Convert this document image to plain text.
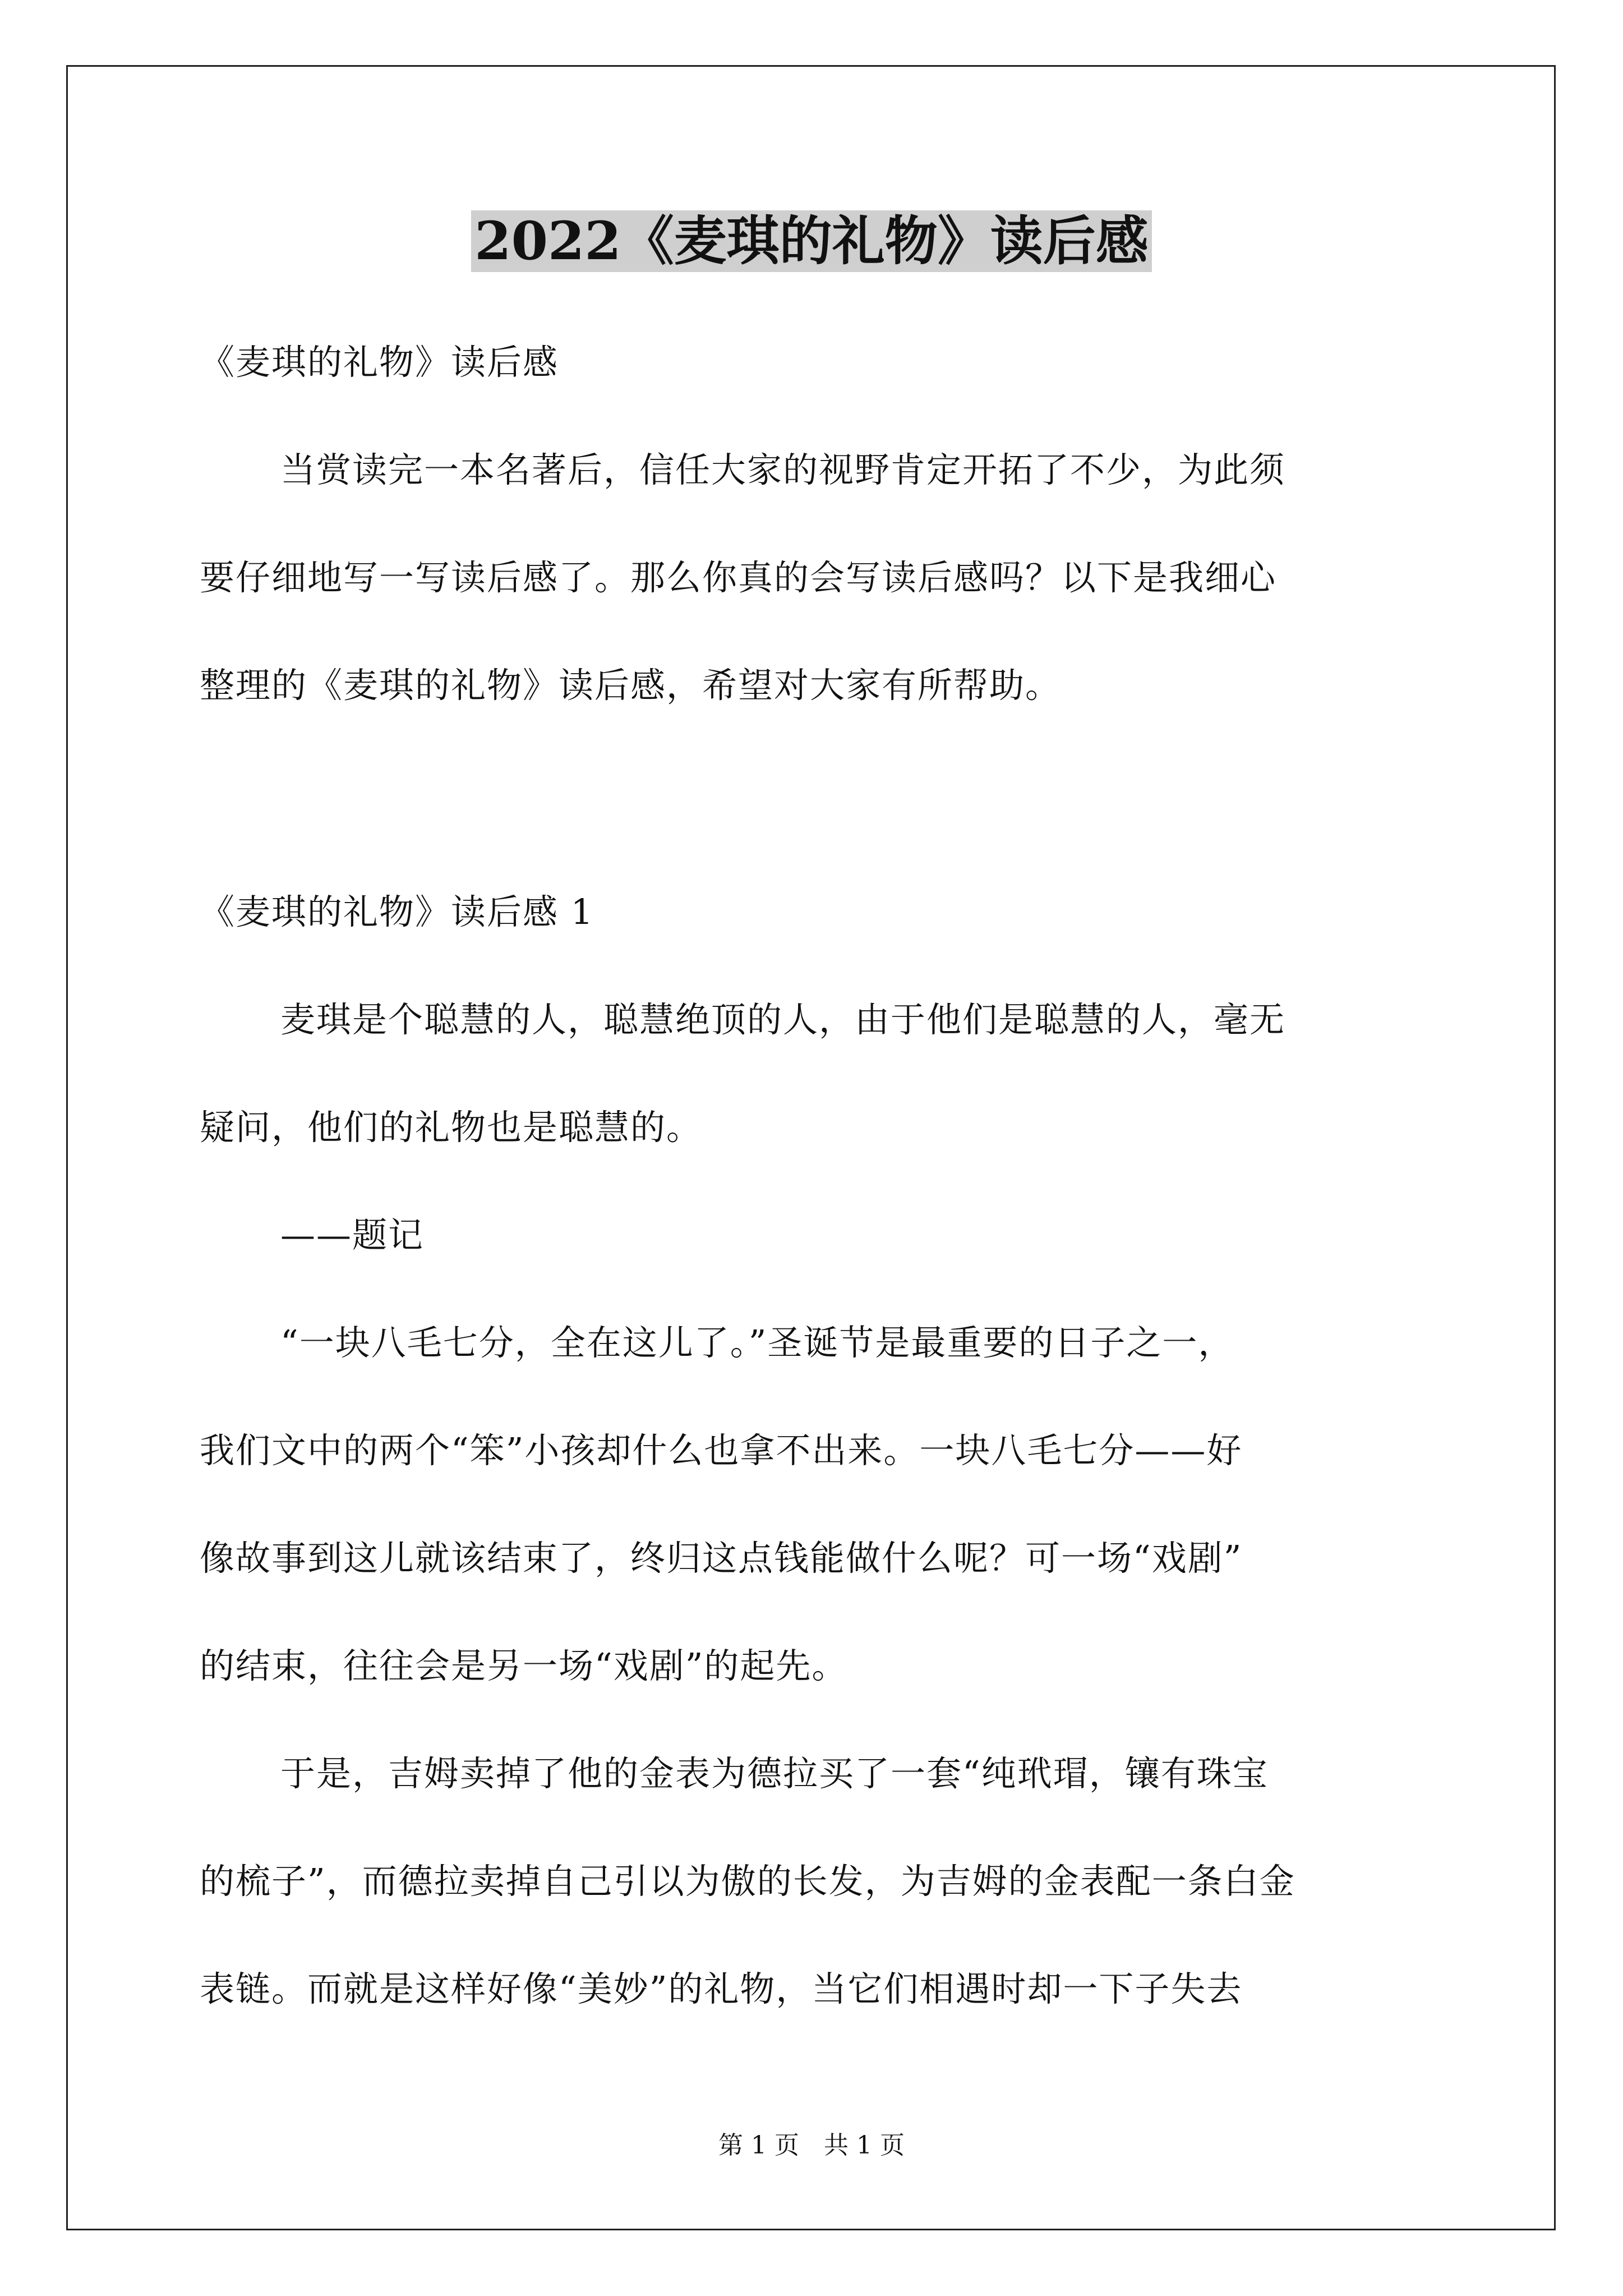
2022《麦琪的礼物》读后感
《麦琪的礼物》读后感
当赏读完一本名著后，信任大家的视野肯定开拓了不少，为此须
要仔细地写一写读后感了。那么你真的会写读后感吗？以下是我细心
整理的《麦琪的礼物》读后感，希望对大家有所帮助。
《麦琪的礼物》读后感 1
麦琪是个聪慧的人，聪慧绝顶的人，由于他们是聪慧的人，毫无
疑问，他们的礼物也是聪慧的。
——题记
“一块八毛七分，全在这儿了。”圣诞节是最重要的日子之一，
我们文中的两个“笨”小孩却什么也拿不出来。一块八毛七分——好
像故事到这儿就该结束了，终归这点钱能做什么呢？可一场“戏剧”
的结束，往往会是另一场“戏剧”的起先。
于是，吉姆卖掉了他的金表为德拉买了一套“纯玳瑁，镶有珠宝
的梳子”，而德拉卖掉自己引以为傲的长发，为吉姆的金表配一条白金
表链。而就是这样好像“美妙”的礼物，当它们相遇时却一下子失去
第 1 页 共 1 页
